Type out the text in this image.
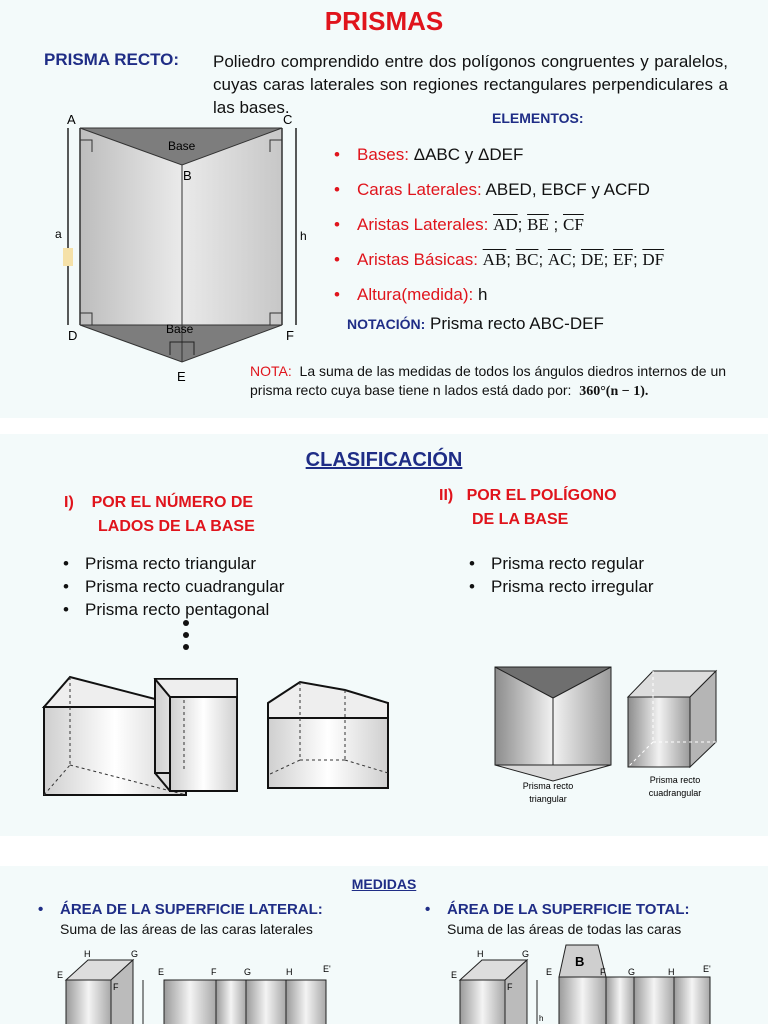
PRISMAS
PRISMA RECTO: Poliedro comprendido entre dos polígonos congruentes y paralelos, cuyas caras laterales son regiones rectangulares perpendiculares a las bases.
A	C
B
D	F
E
Base
Base
a	h
ELEMENTOS:
• Bases: ΔABC y ΔDEF
• Caras Laterales: ABED, EBCF y ACFD
• Aristas Laterales: $\overline{AD}$; $\overline{BE}$ ; $\overline{CF}$
• Aristas Básicas: $\overline{AB}$; $\overline{BC}$; $\overline{AC}$; $\overline{DE}$; $\overline{EF}$; $\overline{DF}$
• Altura(medida): h
NOTACIÓN: Prisma recto ABC-DEF
NOTA: La suma de las medidas de todos los ángulos diedros internos de un prisma recto cuya base tiene n lados está dado por: 360°(n − 1).
CLASIFICACIÓN
I) POR EL NÚMERO DE
LADOS DE LA BASE
II) POR EL POLÍGONO
DE LA BASE
• Prisma recto triangular
• Prisma recto cuadrangular
• Prisma recto pentagonal
• Prisma recto regular
• Prisma recto irregular
Prisma recto
triangular
Prisma recto
cuadrangular
MEDIDAS
• ÁREA DE LA SUPERFICIE LATERAL:
Suma de las áreas de las caras laterales
• ÁREA DE LA SUPERFICIE TOTAL:
Suma de las áreas de todas las caras
H	G
E
F
E	F	G	H	E'
H	G
E
F
B
E	F	G	H	E'
h
